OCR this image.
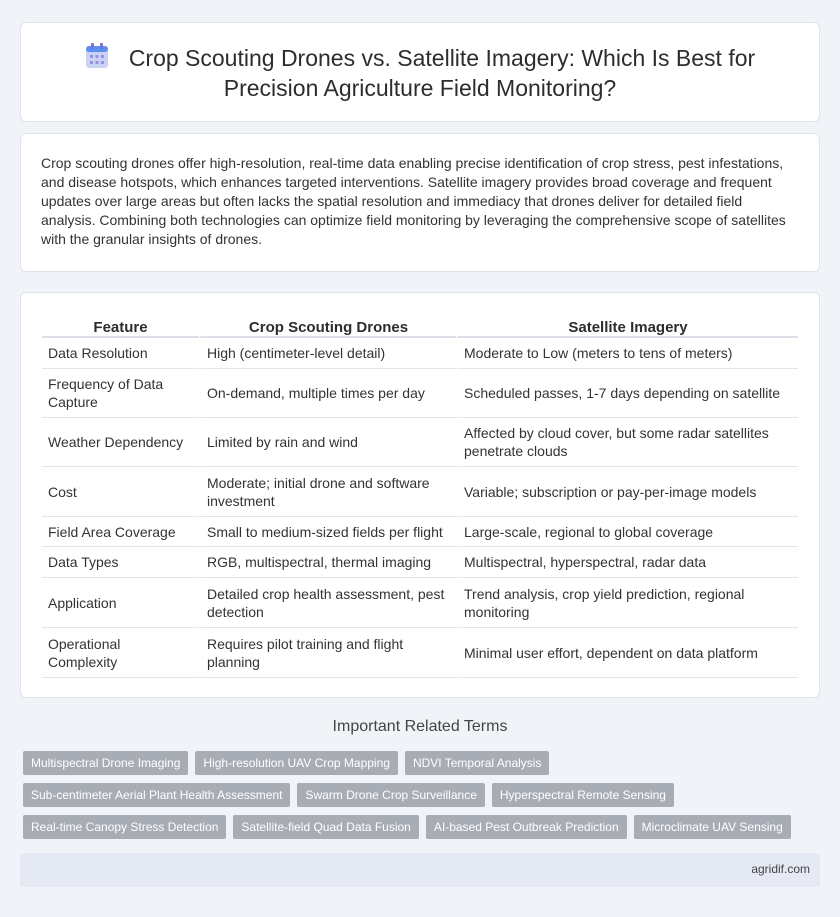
Crop Scouting Drones vs. Satellite Imagery: Which Is Best for
Precision Agriculture Field Monitoring?

Crop scouting drones offer high-resolution, real-time data enabling precise identification of crop stress, pest infestations, and disease hotspots, which enhances targeted interventions. Satellite imagery provides broad coverage and frequent updates over large areas but often lacks the spatial resolution and immediacy that drones deliver for detailed field analysis. Combining both technologies can optimize field monitoring by leveraging the comprehensive scope of satellites with the granular insights of drones.

Feature	Crop Scouting Drones	Satellite Imagery
Data Resolution	High (centimeter-level detail)	Moderate to Low (meters to tens of meters)
Frequency of Data Capture	On-demand, multiple times per day	Scheduled passes, 1-7 days depending on satellite
Weather Dependency	Limited by rain and wind	Affected by cloud cover, but some radar satellites penetrate clouds
Cost	Moderate; initial drone and software investment	Variable; subscription or pay-per-image models
Field Area Coverage	Small to medium-sized fields per flight	Large-scale, regional to global coverage
Data Types	RGB, multispectral, thermal imaging	Multispectral, hyperspectral, radar data
Application	Detailed crop health assessment, pest detection	Trend analysis, crop yield prediction, regional monitoring
Operational Complexity	Requires pilot training and flight planning	Minimal user effort, dependent on data platform
Important Related Terms
Multispectral Drone Imaging	High-resolution UAV Crop Mapping	NDVI Temporal Analysis
Sub-centimeter Aerial Plant Health Assessment	Swarm Drone Crop Surveillance	Hyperspectral Remote Sensing
Real-time Canopy Stress Detection	Satellite-field Quad Data Fusion	AI-based Pest Outbreak Prediction	Microclimate UAV Sensing
agridif.com
